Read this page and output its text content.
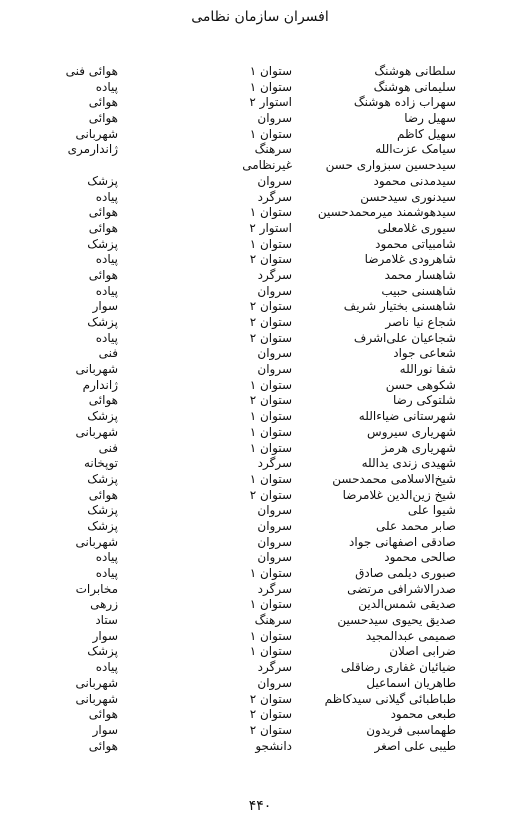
افسران سازمان نظامی
سلطانی هوشنگ
ستوان ۱
هوائی فنی
سلیمانی هوشنگ
ستوان ۱
پیاده
سهراب زاده هوشنگ
استوار ۲
هوائی
سهیل رضا
سروان
هوائی
سهیل کاظم
ستوان ۱
شهربانی
سیامک عزت‌الله
سرهنگ
ژاندارمری
سیدحسین سبزواری حسن
غیرنظامی
سیدمدنی محمود
سروان
پزشک
سیدنوری سیدحسن
سرگرد
پیاده
سیدهوشمند میرمحمدحسین
ستوان ۱
هوائی
سیوری غلامعلی
استوار ۲
هوائی
شامبیاتی محمود
ستوان ۱
پزشک
شاهرودی غلامرضا
ستوان ۲
پیاده
شاهسار محمد
سرگرد
هوائی
شاهسنی حبیب
سروان
پیاده
شاهسنی بختیار شریف
ستوان ۲
سوار
شجاع نیا ناصر
ستوان ۲
پزشک
شجاعیان علی‌اشرف
ستوان ۲
پیاده
شعاعی جواد
سروان
فنی
شفا نورالله
سروان
شهربانی
شکوهی حسن
ستوان ۱
ژاندارم
شلتوکی رضا
ستوان ۲
هوائی
شهرستانی ضیاءالله
ستوان ۱
پزشک
شهریاری سیروس
ستوان ۱
شهربانی
شهریاری هرمز
ستوان ۱
فنی
شهیدی زندی یدالله
سرگرد
توپخانه
شیخ‌الاسلامی محمدحسن
ستوان ۱
پزشک
شیخ زین‌الدین غلامرضا
ستوان ۲
هوائی
شیوا علی
سروان
پزشک
صابر محمد علی
سروان
پزشک
صادقی اصفهانی جواد
سروان
شهربانی
صالحی محمود
سروان
پیاده
صبوری دیلمی صادق
ستوان ۱
پیاده
صدرالاشرافی مرتضی
سرگرد
مخابرات
صدیقی شمس‌الدین
ستوان ۱
زرهی
صدیق یحیوی سیدحسین
سرهنگ
ستاد
صمیمی عبدالمجید
ستوان ۱
سوار
ضرابی اصلان
ستوان ۱
پزشک
ضیائیان غفاری رضاقلی
سرگرد
پیاده
طاهریان اسماعیل
سروان
شهربانی
طباطبائی گیلانی سیدکاظم
ستوان ۲
شهربانی
طبعی محمود
ستوان ۲
هوائی
طهماسبی فریدون
ستوان ۲
سوار
طیبی علی اصغر
دانشجو
هوائی
۴۴۰
